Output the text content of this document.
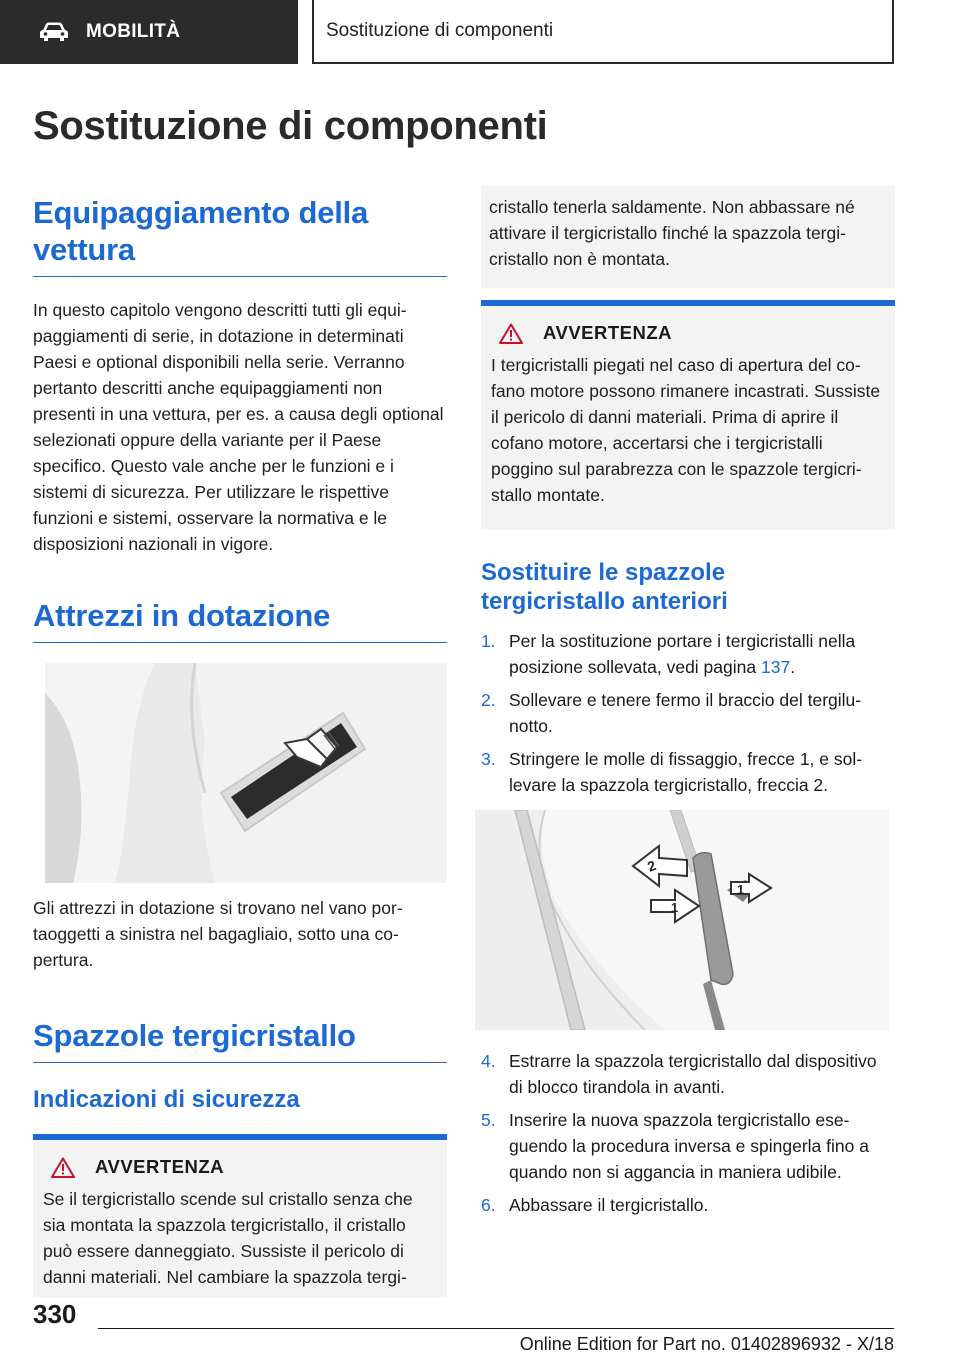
MOBILITÀ	Sostituzione di componenti
Sostituzione di componenti
Equipaggiamento della vettura

In questo capitolo vengono descritti tutti gli equipaggiamenti di serie, in dotazione in determinati Paesi e optional disponibili nella serie. Verranno pertanto descritti anche equipaggiamenti non presenti in una vettura, per es. a causa degli optional selezionati oppure della variante per il Paese specifico. Questo vale anche per le funzioni e i sistemi di sicurezza. Per utilizzare le rispettive funzioni e sistemi, osservare la normativa e le disposizioni nazionali in vigore.

Attrezzi in dotazione

Gli attrezzi in dotazione si trovano nel vano portaoggetti a sinistra nel bagagliaio, sotto una copertura.

Spazzole tergicristallo
Indicazioni di sicurezza
AVVERTENZA

Se il tergicristallo scende sul cristallo senza che sia montata la spazzola tergicristallo, il cristallo può essere danneggiato. Sussiste il pericolo di danni materiali. Nel cambiare la spazzola tergi-

cristallo tenerla saldamente. Non abbassare né attivare il tergicristallo finché la spazzola tergicristallo non è montata.

AVVERTENZA

I tergicristalli piegati nel caso di apertura del cofano motore possono rimanere incastrati. Sussiste il pericolo di danni materiali. Prima di aprire il cofano motore, accertarsi che i tergicristalli poggino sul parabrezza con le spazzole tergicristallo montate.

Sostituire le spazzole tergicristallo anteriori
1. Per la sostituzione portare i tergicristalli nella posizione sollevata, vedi pagina 137.
2. Sollevare e tenere fermo il braccio del tergilunotto.
3. Stringere le molle di fissaggio, frecce 1, e sollevare la spazzola tergicristallo, freccia 2.
2
1
1
4. Estrarre la spazzola tergicristallo dal dispositivo di blocco tirandola in avanti.
5. Inserire la nuova spazzola tergicristallo eseguendo la procedura inversa e spingerla fino a quando non si aggancia in maniera udibile.
6. Abbassare il tergicristallo.
330
Online Edition for Part no. 01402896932 - X/18
